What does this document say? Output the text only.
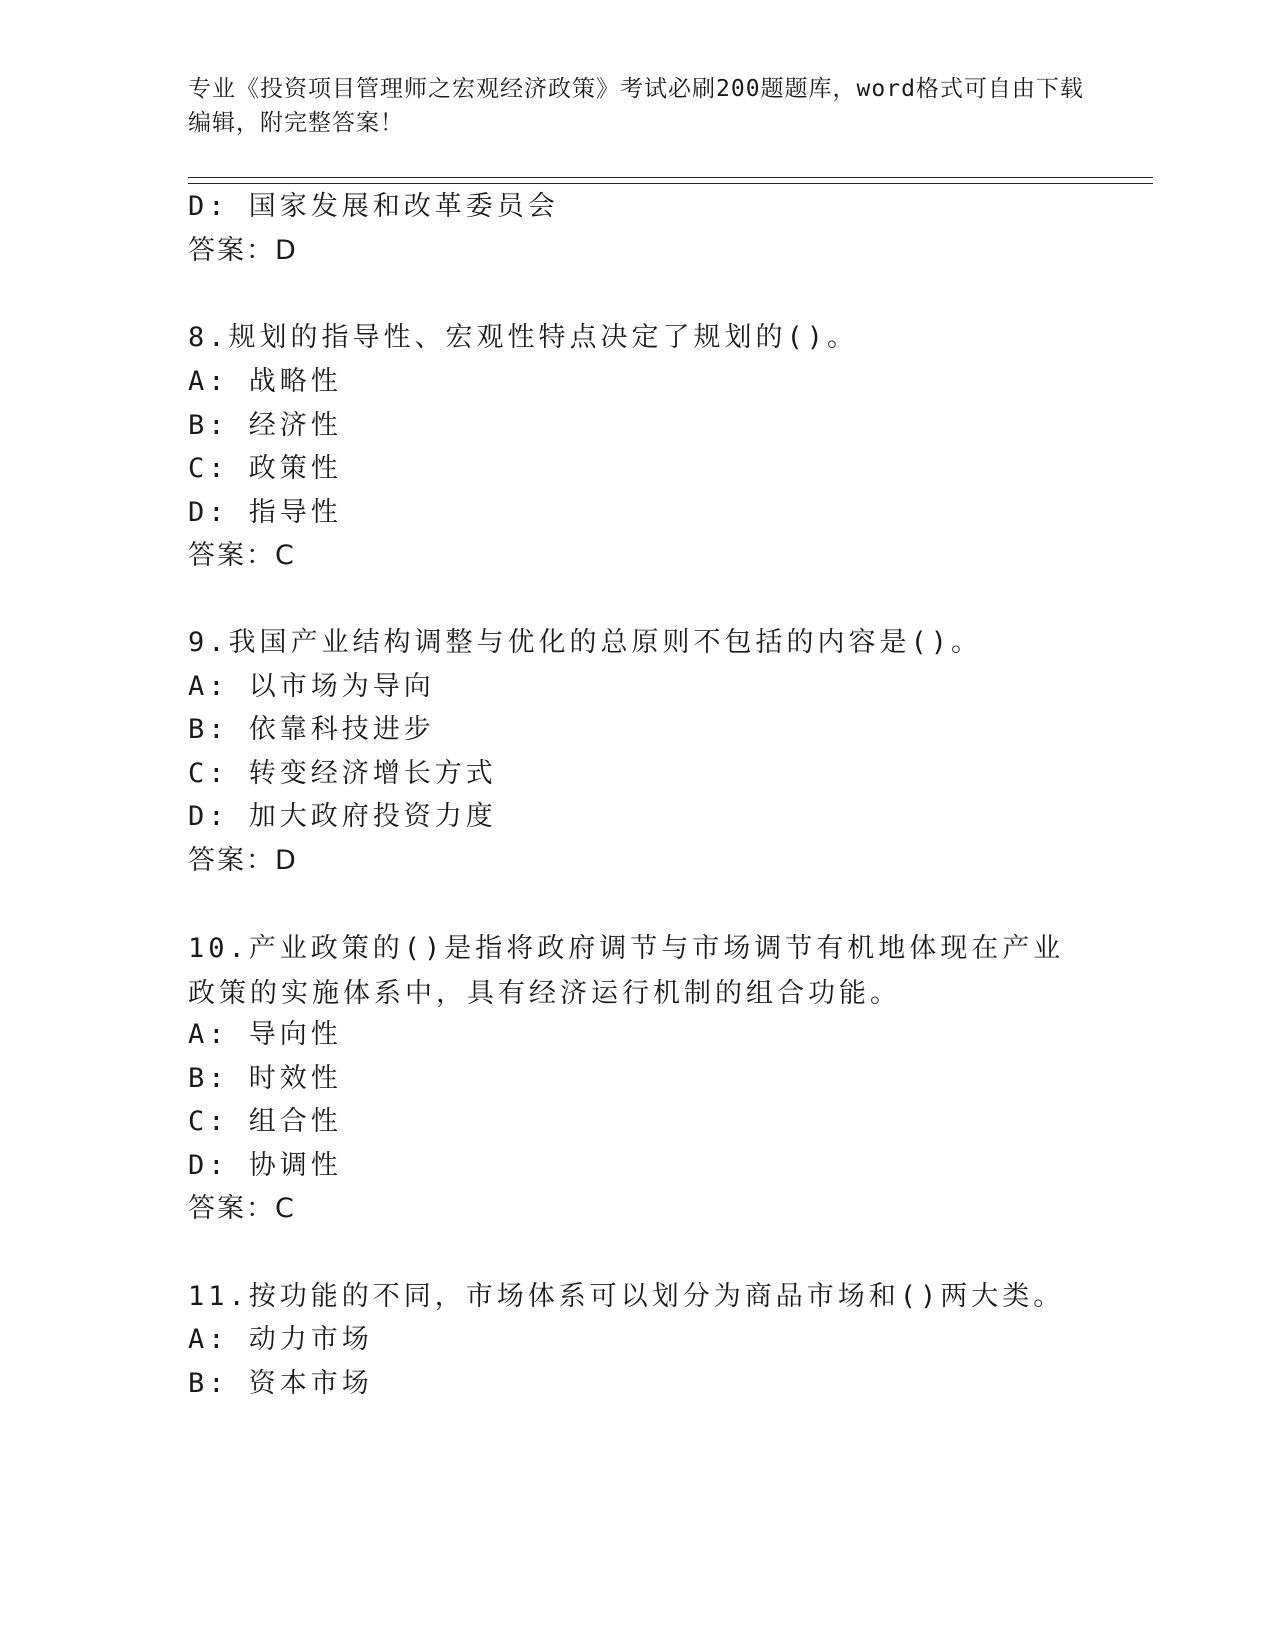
专业《投资项目管理师之宏观经济政策》考试必刷200题题库，word格式可自由下载编辑，附完整答案！
D: 国家发展和改革委员会
答案：D
8.规划的指导性、宏观性特点决定了规划的()。
A: 战略性
B: 经济性
C: 政策性
D: 指导性
答案：C
9.我国产业结构调整与优化的总原则不包括的内容是()。
A: 以市场为导向
B: 依靠科技进步
C: 转变经济增长方式
D: 加大政府投资力度
答案：D
10.产业政策的()是指将政府调节与市场调节有机地体现在产业政策的实施体系中，具有经济运行机制的组合功能。
A: 导向性
B: 时效性
C: 组合性
D: 协调性
答案：C
11.按功能的不同，市场体系可以划分为商品市场和()两大类。
A: 动力市场
B: 资本市场
